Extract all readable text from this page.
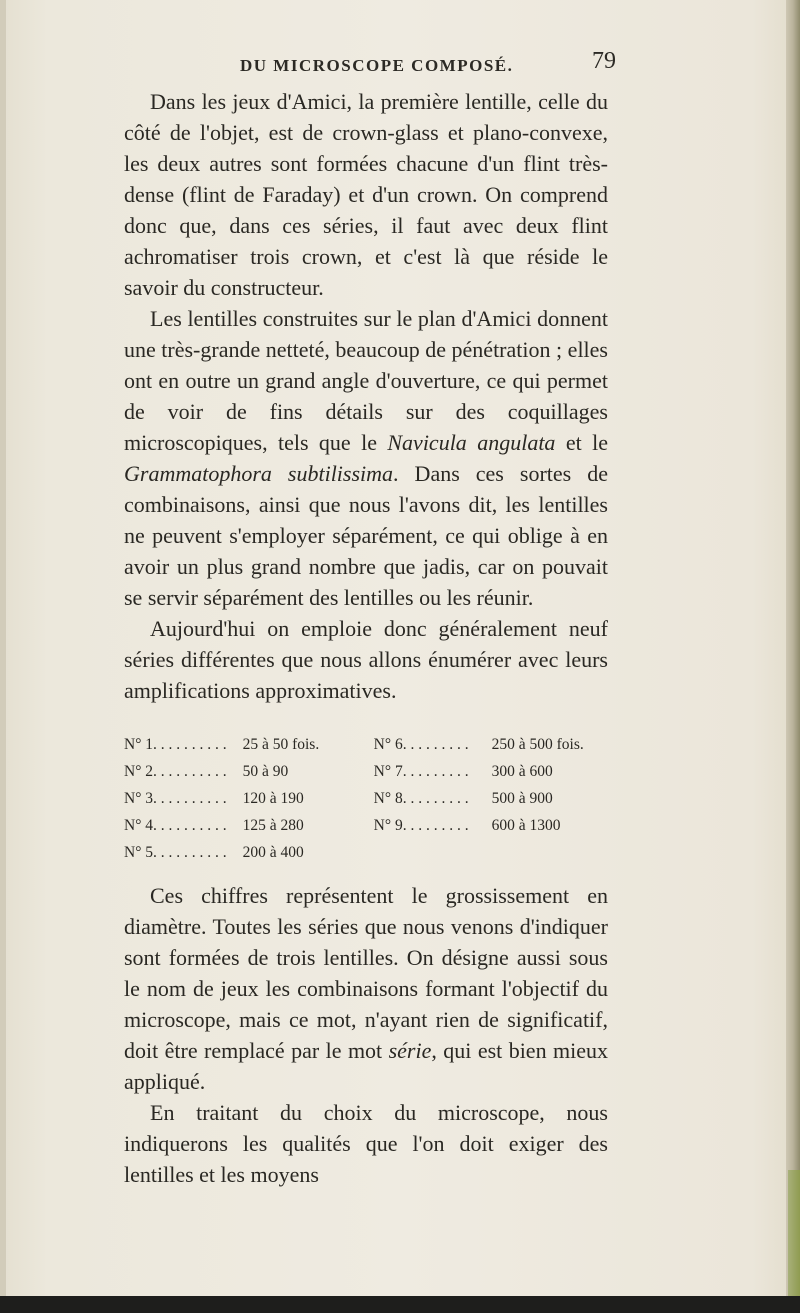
DU MICROSCOPE COMPOSÉ.	79

Dans les jeux d'Amici, la première lentille, celle du côté de l'objet, est de crown-glass et plano-convexe, les deux autres sont formées chacune d'un flint très-dense (flint de Faraday) et d'un crown. On comprend donc que, dans ces séries, il faut avec deux flint achromatiser trois crown, et c'est là que réside le savoir du constructeur.

Les lentilles construites sur le plan d'Amici donnent une très-grande netteté, beaucoup de pénétration ; elles ont en outre un grand angle d'ouverture, ce qui permet de voir de fins détails sur des coquillages microscopiques, tels que le Navicula angulata et le Grammatophora subtilissima. Dans ces sortes de combinaisons, ainsi que nous l'avons dit, les lentilles ne peuvent s'employer séparément, ce qui oblige à en avoir un plus grand nombre que jadis, car on pouvait se servir séparément des lentilles ou les réunir.

Aujourd'hui on emploie donc généralement neuf séries différentes que nous allons énumérer avec leurs amplifications approximatives.

N° 1. . . . . . . . . .	25 à 50 fois.	N° 6. . . . . . . . .	250 à 500 fois.
N° 2. . . . . . . . . .	50 à 90	N° 7. . . . . . . . .	300 à 600
N° 3. . . . . . . . . .	120 à 190	N° 8. . . . . . . . .	500 à 900
N° 4. . . . . . . . . .	125 à 280	N° 9. . . . . . . . .	600 à 1300
N° 5. . . . . . . . . .	200 à 400		

Ces chiffres représentent le grossissement en diamètre. Toutes les séries que nous venons d'indiquer sont formées de trois lentilles. On désigne aussi sous le nom de jeux les combinaisons formant l'objectif du microscope, mais ce mot, n'ayant rien de significatif, doit être remplacé par le mot série, qui est bien mieux appliqué.

En traitant du choix du microscope, nous indiquerons les qualités que l'on doit exiger des lentilles et les moyens
